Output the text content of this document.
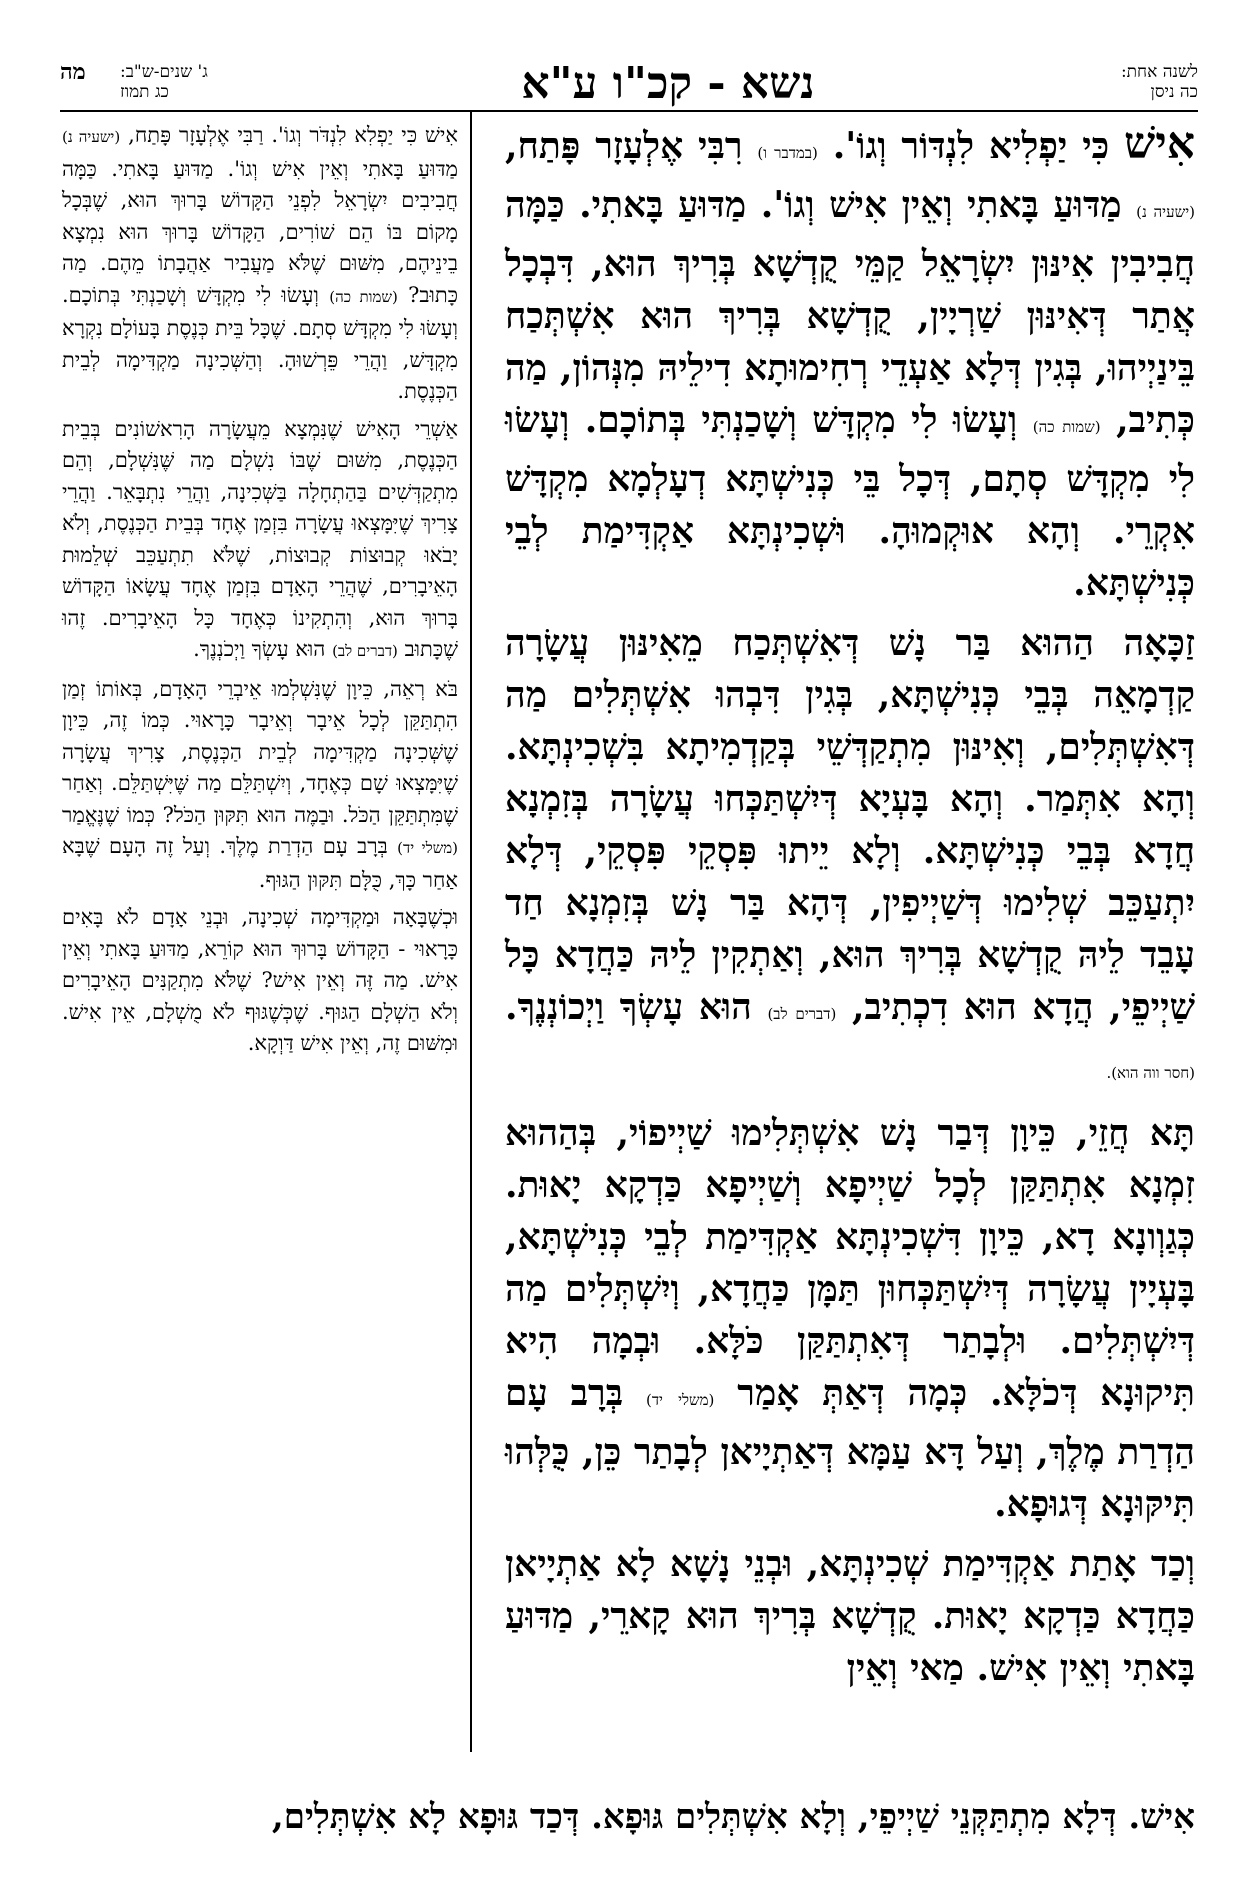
לשנה אחת:
כה ניסן
נשא - קכ"ו ע"א
ג' שנים-ש"ב:
כג תמוז
מה

אִישׁ כִּי יַפְלִיא לִנְדּוֹר וְגוֹ'. (במדבר ו) רִבִּי אֶלְעָזָר פָּתַח, (ישעיה נ) מַדּוּעַ בָּאתִי וְאֵין אִישׁ וְגוֹ'. מַדּוּעַ בָּאתִי. כַּמָּה חֲבִיבִין אִינּוּן יִשְׂרָאֵל קַמֵּי קֻדְשָׁא בְּרִיךְ הוּא, דִּבְכָל אֲתַר דְּאִינּוּן שַׁרְיָין, קֻדְשָׁא בְּרִיךְ הוּא אִשְׁתְּכַח בֵּינַיְיהוּ, בְּגִין דְּלָא אַעְדֵי רְחִימוּתָא דִילֵיהּ מִנְּהוֹן, מַה כְּתִיב, (שמות כה) וְעָשׂוּ לִי מִקְדָּשׁ וְשָׁכַנְתִּי בְּתוֹכָם. וְעָשׂוּ לִי מִקְדָּשׁ סְתָם, דְּכָל בֵּי כְּנִישְׁתָּא דְעָלְמָא מִקְדָּשׁ אִקְרֵי. וְהָא אוּקְמוּהָ. וּשְׁכִינְתָּא אַקְדִּימַת לְבֵי כְּנִישְׁתָּא.

זַכָּאָה הַהוּא בַּר נָשׁ דְּאִשְׁתְּכַח מֵאִינּוּן עֲשָׂרָה קַדְמָאֵה בְּבֵי כְּנִישְׁתָּא, בְּגִין דִּבְהוּ אִשְׁתְּלִים מַה דְּאִשְׁתְּלִים, וְאִינּוּן מִתְקַדְּשֵׁי בְּקַדְמִיתָא בִּשְׁכִינְתָּא. וְהָא אִתְּמַר. וְהָא בָּעְיָא דְּיִשְׁתַּכְּחוּ עֲשָׂרָה בְּזִמְנָא חֲדָא בְּבֵי כְּנִישְׁתָּא. וְלָא יֵיתוּ פִּסְקֵי פִּסְקֵי, דְּלָא יִתְעַכֵּב שְׁלִימוּ דְּשַׁיְיפִין, דְּהָא בַּר נָשׁ בְּזִמְנָא חַד עָבֵד לֵיהּ קֻדְשָׁא בְּרִיךְ הוּא, וְאַתְקִין לֵיהּ כַּחֲדָא כָּל שַׁיְיפֵי, הֲדָא הוּא דִכְתִיב, (דברים לב) הוּא עָשְׂךָ וַיְכוֹנְנֶךָ. (חסר ווה הוא).

תָּא חֲזֵי, כֵּיוָן דְּבַר נָשׁ אִשְׁתְּלִימוּ שַׁיְיפוֹי, בְּהַהוּא זִמְנָא אִתְתַּקַּן לְכָל שַׁיְיפָא וְשַׁיְיפָא כַּדְקָא יָאוּת. כְּגַוְונָא דָא, כֵּיוָן דִּשְׁכִינְתָּא אַקְדִּימַת לְבֵי כְּנִישְׁתָּא, בָּעְיָין עֲשָׂרָה דְּיִשְׁתַּכְּחוּן תַּמָּן כַּחֲדָא, וְיִשְׁתְּלִים מַה דְּיִשְׁתְּלִים. וּלְבָתַר דְּאִתְתַּקַּן כֹּלָּא. וּבְמָה הִיא תִּיקוּנָא דְּכֹלָּא. כְּמָה דְּאַתְּ אָמַר (משלי יד) בְּרָב עָם הַדְרַת מֶלֶךְ, וְעַל דָּא עַמָּא דְּאַתְיָיאן לְבָתַר כֵּן, כֻּלְּהוּ תִּיקּוּנָא דְּגוּפָא.

וְכַד אָתַת אַקְדִּימַת שְׁכִינְתָּא, וּבְנֵי נָשָׁא לָא אַתְיָיאן כַּחֲדָא כַּדְקָא יָאוּת. קֻדְשָׁא בְּרִיךְ הוּא קָארֵי, מַדּוּעַ בָּאתִי וְאֵין אִישׁ. מַאי וְאֵין

אִישׁ כִּי יַפְלִא לִנְדֹּר וְגוֹ'. רַבִּי אֶלְעָזָר פָּתַח, (ישעיה נ) מַדּוּעַ בָּאתִי וְאֵין אִישׁ וְגוֹ'. מַדּוּעַ בָּאתִי. כַּמָּה חֲבִיבִים יִשְׂרָאֵל לִפְנֵי הַקָּדוֹשׁ בָּרוּךְ הוּא, שֶׁבְּכָל מָקוֹם בּוֹ הֵם שׁוֹרִים, הַקָּדוֹשׁ בָּרוּךְ הוּא נִמְצָא בֵינֵיהֶם, מִשּׁוּם שֶׁלֹּא מַעֲבִיר אַהֲבָתוֹ מֵהֶם. מַה כָּתוּב? (שמות כה) וְעָשׂוּ לִי מִקְדָּשׁ וְשָׁכַנְתִּי בְּתוֹכָם. וְעָשׂוּ לִי מִקְדָּשׁ סְתָם. שֶׁכָּל בֵּית כְּנֶסֶת בָּעוֹלָם נִקְרָא מִקְדָּשׁ, וַהֲרֵי פֵּרְשׁוּהָ. וְהַשְּׁכִינָה מַקְדִּימָה לְבֵית הַכְּנֶסֶת.

אַשְׁרֵי הָאִישׁ שֶׁנִּמְצָא מֵעֲשָׂרָה הָרִאשׁוֹנִים בְּבֵית הַכְּנֶסֶת, מִשּׁוּם שֶׁבּוֹ נִשְׁלָם מַה שֶּׁנִּשְׁלָם, וְהֵם מִתְקַדְּשִׁים בַּהַתְחָלָה בַּשְּׁכִינָה, וַהֲרֵי נִתְבָּאֵר. וַהֲרֵי צָרִיךְ שֶׁיִּמָּצְאוּ עֲשָׂרָה בִּזְמַן אֶחָד בְּבֵית הַכְּנֶסֶת, וְלֹא יָבֹאוּ קְבוּצוֹת קְבוּצוֹת, שֶׁלֹּא תִתְעַכֵּב שְׁלֵמוּת הָאֵיבָרִים, שֶׁהֲרֵי הָאָדָם בִּזְמַן אֶחָד עֲשָׂאוֹ הַקָּדוֹשׁ בָּרוּךְ הוּא, וְהִתְקִינוֹ כְּאֶחָד כָּל הָאֵיבָרִים. זֶהוּ שֶׁכָּתוּב (דברים לב) הוּא עָשְׂךָ וַיְכֹנְנֶךָ.

בֹּא רְאֵה, כֵּיוָן שֶׁנִּשְׁלְמוּ אֵיבְרֵי הָאָדָם, בְּאוֹתוֹ זְמַן הִתְתַּקֵּן לְכָל אֵיבָר וְאֵיבָר כָּרָאוּי. כְּמוֹ זֶה, כֵּיוָן שֶׁשְּׁכִינָה מַקְדִּימָה לְבֵית הַכְּנֶסֶת, צָרִיךְ עֲשָׂרָה שֶׁיִּמָּצְאוּ שָׁם כְּאֶחָד, וְיִשְׁתַּלֵּם מַה שֶּׁיִּשְׁתַּלֵּם. וְאַחַר שֶׁמִּתְתַּקֵּן הַכֹּל. וּבַמֶּה הוּא תִּקּוּן הַכֹּל? כְּמוֹ שֶׁנֶּאֱמַר (משלי יד) בְּרָב עָם הַדְרַת מֶלֶךְ. וְעַל זֶה הָעָם שֶׁבָּא אַחַר כָּךְ, כֻּלָּם תִּקּוּן הַגּוּף.

וּכְשֶׁבָּאָה וּמַקְדִּימָה שְׁכִינָה, וּבְנֵי אָדָם לֹא בָּאִים כָּרָאוּי - הַקָּדוֹשׁ בָּרוּךְ הוּא קוֹרֵא, מַדּוּעַ בָּאתִי וְאֵין אִישׁ. מַה זֶּה וְאֵין אִישׁ? שֶׁלֹּא מִתְקַנִּים הָאֵיבָרִים וְלֹא הַשְׁלָם הַגּוּף. שֶׁכְּשֶׁגּוּף לֹא מֻשְׁלָם, אֵין אִישׁ. וּמִשּׁוּם זֶה, וְאֵין אִישׁ דַּוְקָא.

אִישׁ. דְּלָא מִתְתַּקְּנֵי שַׁיְיפֵי, וְלָא אִשְׁתְּלִים גּוּפָא. דְּכַד גּוּפָא לָא אִשְׁתְּלִים,
